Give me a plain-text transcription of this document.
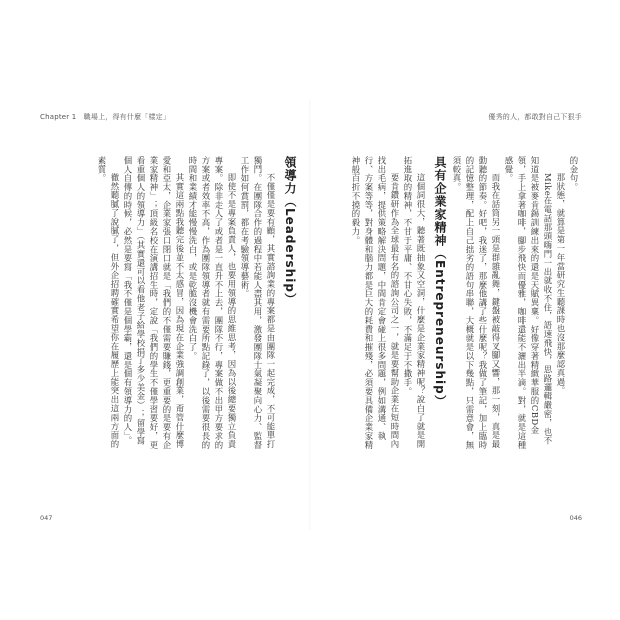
Chapter 1　職場上，得有什麼「樣定」
領導力（Leadership）

不僅僅是要有顧，其實諮詢業的專案都是由團隊一起完成，不可能單打獨鬥。在團隊合作的過程中若能人盡其用，激發團隊士氣凝聚向心力、監督工作如何賞罰，都在考驗領導藝術。

即使不是專案負責人，也要用領導的思維思考，因為以後總要獨立負責專案。除非走人了或者是一直升不上去，團隊不行，專案做不出甲方要求的方案或者效率不高，作為團隊領導者就有需要所點記錄了，以後需要很長的時間和業績才能慢慢洗白，或是乾脆沒機會洗白了。

其實這兩點我聽完後並不太感冒，因為現在企業強調創業，甭管什麼博愛和亞太，企業家張口閉口就是「我們的不僅需要賺錢，更重要的是要有企業家精神」；頂級名校在演講招生時，定說「我們的學生不僅學習要好，更看重個人的領導力」（其實還可以看他老子給學校捐了多少美金）；留學寫個人自傳的時候，必然是要寫「我不僅是個學霸，還是個有領導力的人」。

徹然聽膩了說膩了，但外企招聘確實希望你在履歷上能突出這兩方面的素質。

047
優秀的人，都敢對自己下狠手

的金句。

那狀態，就算是第一年當研究生聽課時也沒那麼認真過。

Mike在電話那頭嗨門一出就收不住，語速飛快，思路邏輯嚴密，也不知道是被麥肯錫訓練出來的還是天賦異稟。好像穿著精緻華服的CBD金領，手上拿著咖啡，腳步飛快而優雅，咖啡還能不灑出半滴。對，就是這種感覺。

而我在話筒另一頭是群雜亂舞，鍵盤被敲得叉腳又響，那一刻，真是最動聽的節奏。好吧，我迷了，那麼他講了些什麼呢？我做了筆記，加上臨時的記憶整理，配上自己拙劣的語句串聯，大概就是以下幾點，只需意會，無須較真。

具有企業家精神（Entrepreneurship）

這個詞很大，聽著既抽象又空洞，什麼是企業家精神呢？說白了就是開拓進取的精神，不甘于平庸、不甘心失敗，不滿足于不撒手。

要肯鑽研作為全球最有名的諮詢公司之一，就是要幫助企業在短時間內找出毛病，提供策略解決問題，中間肯定會碰上很多問題，例如溝通、執行、方案等等，對身體和腦力都是巨大的耗費和摧殘，必須要具備企業家精神般百折不撓的毅力。

046
